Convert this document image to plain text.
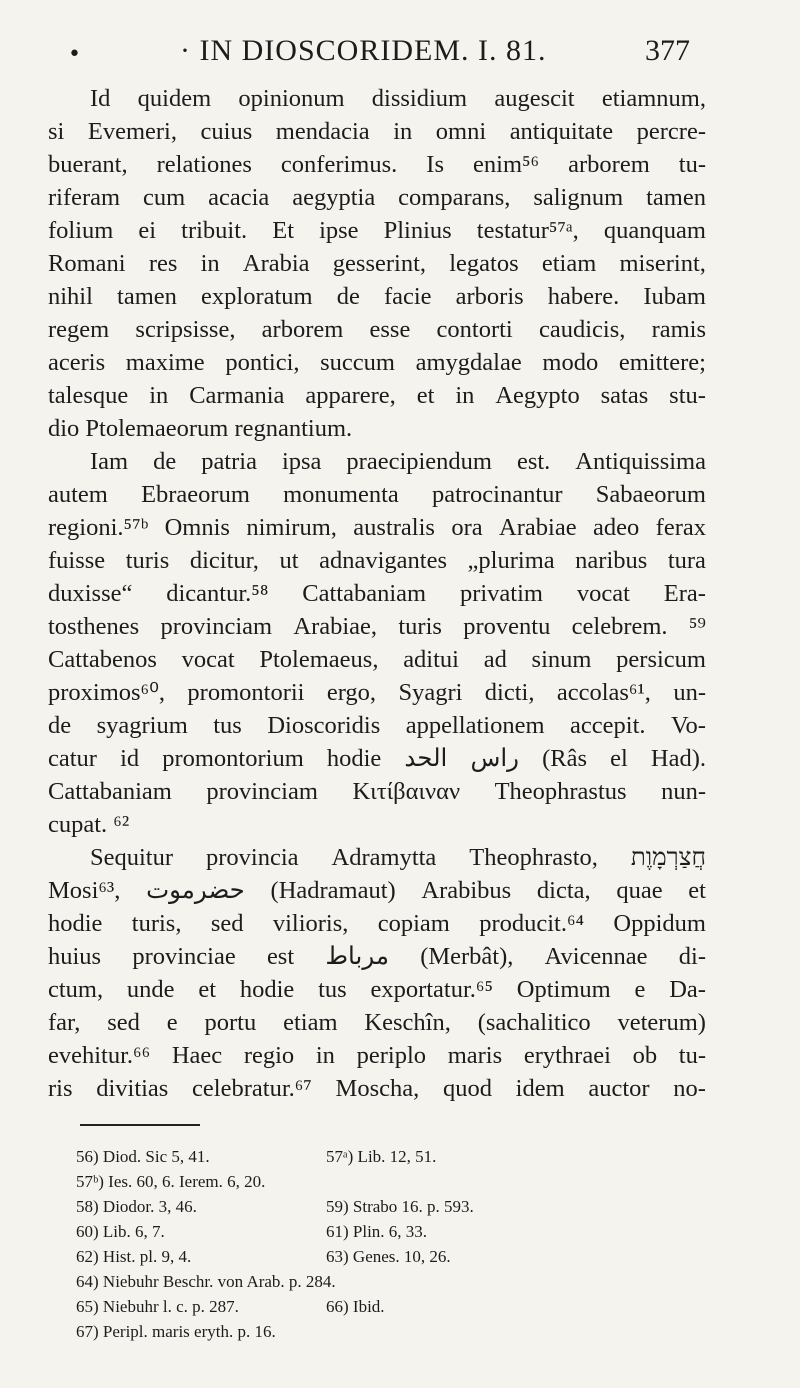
•	· IN DIOSCORIDEM. I. 81.	377
Id quidem opinionum dissidium augescit etiamnum,
si Evemeri, cuius mendacia in omni antiquitate percre-
buerant, relationes conferimus. Is enim⁵⁶ arborem tu-
riferam cum acacia aegyptia comparans, salignum tamen
folium ei tribuit. Et ipse Plinius testatur⁵⁷ᵃ, quanquam
Romani res in Arabia gesserint, legatos etiam miserint,
nihil tamen exploratum de facie arboris habere. Iubam
regem scripsisse, arborem esse contorti caudicis, ramis
aceris maxime pontici, succum amygdalae modo emittere;
talesque in Carmania apparere, et in Aegypto satas stu-
dio Ptolemaeorum regnantium.
Iam de patria ipsa praecipiendum est. Antiquissima
autem Ebraeorum monumenta patrocinantur Sabaeorum
regioni.⁵⁷ᵇ Omnis nimirum, australis ora Arabiae adeo ferax
fuisse turis dicitur, ut adnavigantes „plurima naribus tura
duxisse“ dicantur.⁵⁸ Cattabaniam privatim vocat Era-
tosthenes provinciam Arabiae, turis proventu celebrem. ⁵⁹
Cattabenos vocat Ptolemaeus, aditui ad sinum persicum
proximos⁶⁰, promontorii ergo, Syagri dicti, accolas⁶¹, un-
de syagrium tus Dioscoridis appellationem accepit. Vo-
catur id promontorium hodie الحد راس (Râs el Had).
Cattabaniam provinciam Κιτίβαιναν Theophrastus nun-
cupat. ⁶²
Sequitur provincia Adramytta Theophrasto, חֲצַרְמָוֶת
Mosi⁶³, حضرموت (Hadramaut) Arabibus dicta, quae et
hodie turis, sed vilioris, copiam producit.⁶⁴ Oppidum
huius provinciae est مرباط (Merbât), Avicennae di-
ctum, unde et hodie tus exportatur.⁶⁵ Optimum e Da-
far, sed e portu etiam Keschîn, (sachalitico veterum)
evehitur.⁶⁶ Haec regio in periplo maris erythraei ob tu-
ris divitias celebratur.⁶⁷ Moscha, quod idem auctor no-
56) Diod. Sic 5, 41.	57ᵃ) Lib. 12, 51.
57ᵇ) Ies. 60, 6. Ierem. 6, 20.
58) Diodor. 3, 46.	59) Strabo 16. p. 593.
60) Lib. 6, 7.	61) Plin. 6, 33.
62) Hist. pl. 9, 4.	63) Genes. 10, 26.
64) Niebuhr Beschr. von Arab. p. 284.
65) Niebuhr l. c. p. 287.	66) Ibid.
67) Peripl. maris eryth. p. 16.
